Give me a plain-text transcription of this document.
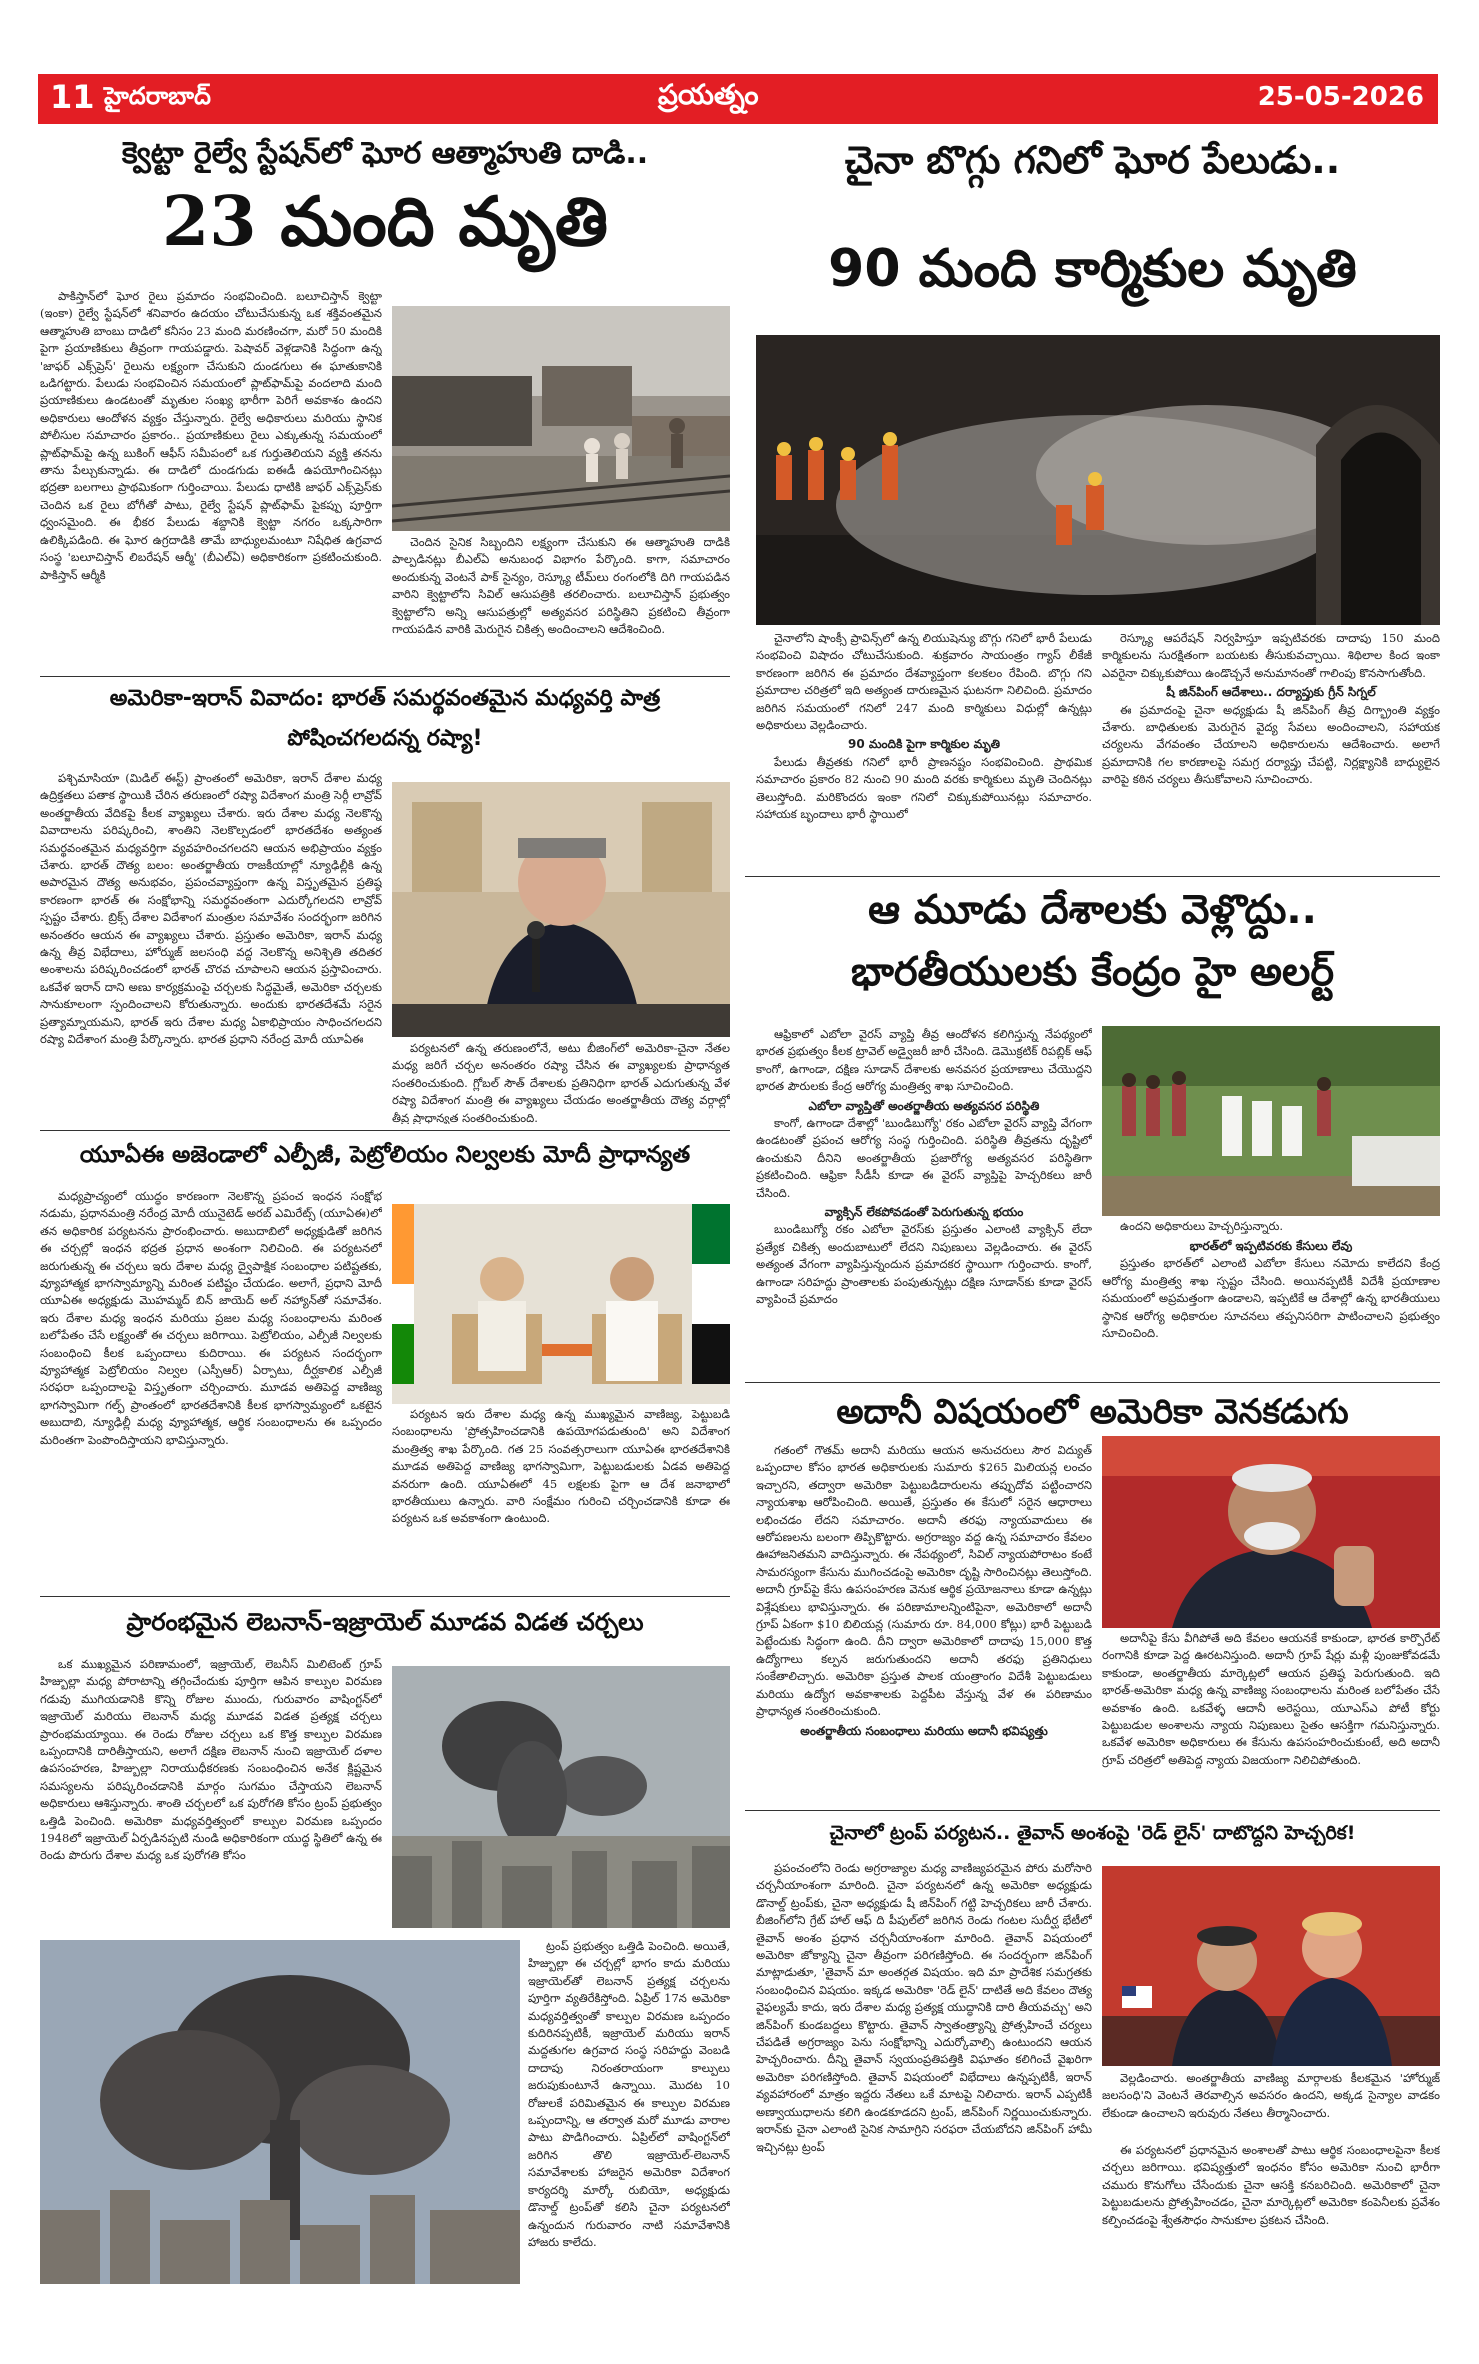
11 హైదరాబాద్	ప్రయత్నం	25-05-2026
క్వెట్టా రైల్వే స్టేషన్‌లో ఘోర ఆత్మాహుతి దాడి..
23 మంది మృతి

పాకిస్తాన్‌లో ఘోర రైలు ప్రమాదం సంభవించింది. బలూచిస్తాన్ క్వెట్టా (ఇంకా) రైల్వే స్టేషన్‌లో శనివారం ఉదయం చోటుచేసుకున్న ఒక శక్తివంతమైన ఆత్మాహుతి బాంబు దాడిలో కనీసం 23 మంది మరణించగా, మరో 50 మందికి పైగా ప్రయాణికులు తీవ్రంగా గాయపడ్డారు. పెషావర్ వెళ్లడానికి సిద్ధంగా ఉన్న 'జాఫర్ ఎక్స్‌ప్రెస్' రైలును లక్ష్యంగా చేసుకుని దుండగులు ఈ ఘాతుకానికి ఒడిగట్టారు. పేలుడు సంభవించిన సమయంలో ప్లాట్‌ఫామ్‌పై వందలాది మంది ప్రయాణికులు ఉండటంతో మృతుల సంఖ్య భారీగా పెరిగే అవకాశం ఉందని అధికారులు ఆందోళన వ్యక్తం చేస్తున్నారు. రైల్వే అధికారులు మరియు స్థానిక పోలీసుల సమాచారం ప్రకారం.. ప్రయాణికులు రైలు ఎక్కుతున్న సమయంలో ప్లాట్‌ఫామ్‌పై ఉన్న బుకింగ్ ఆఫీస్ సమీపంలో ఒక గుర్తుతెలియని వ్యక్తి తనను తాను పేల్చుకున్నాడు. ఈ దాడిలో దుండగుడు ఐఈడీ ఉపయోగించినట్లు భద్రతా బలగాలు ప్రాథమికంగా గుర్తించాయి. పేలుడు ధాటికి జాఫర్ ఎక్స్‌ప్రెస్‌కు చెందిన ఒక రైలు బోగీతో పాటు, రైల్వే స్టేషన్ ప్లాట్‌ఫామ్ పైకప్పు పూర్తిగా ధ్వంసమైంది. ఈ భీకర పేలుడు శబ్దానికి క్వెట్టా నగరం ఒక్కసారిగా ఉలిక్కిపడింది. ఈ ఘోర ఉగ్రదాడికి తామే బాధ్యులమంటూ నిషేధిత ఉగ్రవాద సంస్థ 'బలూచిస్తాన్ లిబరేషన్ ఆర్మీ' (బీఎల్ఏ) అధికారికంగా ప్రకటించుకుంది. పాకిస్తాన్ ఆర్మీకి

చెందిన సైనిక సిబ్బందిని లక్ష్యంగా చేసుకుని ఈ ఆత్మాహుతి దాడికి పాల్పడినట్లు బీఎల్ఏ అనుబంధ విభాగం పేర్కొంది. కాగా, సమాచారం అందుకున్న వెంటనే పాక్ సైన్యం, రెస్క్యూ టీమ్‌లు రంగంలోకి దిగి గాయపడిన వారిని క్వెట్టాలోని సివిల్ ఆసుపత్రికి తరలించారు. బలూచిస్తాన్ ప్రభుత్వం క్వెట్టాలోని అన్ని ఆసుపత్రుల్లో అత్యవసర పరిస్థితిని ప్రకటించి తీవ్రంగా గాయపడిన వారికి మెరుగైన చికిత్స అందించాలని ఆదేశించింది.

చైనా బొగ్గు గనిలో ఘోర పేలుడు..
90 మంది కార్మికుల మృతి

చైనాలోని షాంక్సీ ప్రావిన్స్‌లో ఉన్న లియుషెన్యు బొగ్గు గనిలో భారీ పేలుడు సంభవించి విషాదం చోటుచేసుకుంది. శుక్రవారం సాయంత్రం గ్యాస్ లీకేజీ కారణంగా జరిగిన ఈ ప్రమాదం దేశవ్యాప్తంగా కలకలం రేపింది. బొగ్గు గని ప్రమాదాల చరిత్రలో ఇది అత్యంత దారుణమైన ఘటనగా నిలిచింది. ప్రమాదం జరిగిన సమయంలో గనిలో 247 మంది కార్మికులు విధుల్లో ఉన్నట్లు అధికారులు వెల్లడించారు.

90 మందికి పైగా కార్మికుల మృతి

పేలుడు తీవ్రతకు గనిలో భారీ ప్రాణనష్టం సంభవించింది. ప్రాథమిక సమాచారం ప్రకారం 82 నుంచి 90 మంది వరకు కార్మికులు మృతి చెందినట్లు తెలుస్తోంది. మరికొందరు ఇంకా గనిలో చిక్కుకుపోయినట్లు సమాచారం. సహాయక బృందాలు భారీ స్థాయిలో

రెస్క్యూ ఆపరేషన్ నిర్వహిస్తూ ఇప్పటివరకు దాదాపు 150 మంది కార్మికులను సురక్షితంగా బయటకు తీసుకువచ్చాయి. శిథిలాల కింద ఇంకా ఎవరైనా చిక్కుకుపోయి ఉండొచ్చనే అనుమానంతో గాలింపు కొనసాగుతోంది.

షీ జిన్‌పింగ్ ఆదేశాలు.. దర్యాప్తుకు గ్రీన్ సిగ్నల్

ఈ ప్రమాదంపై చైనా అధ్యక్షుడు షీ జిన్‌పింగ్ తీవ్ర దిగ్భ్రాంతి వ్యక్తం చేశారు. బాధితులకు మెరుగైన వైద్య సేవలు అందించాలని, సహాయక చర్యలను వేగవంతం చేయాలని అధికారులను ఆదేశించారు. అలాగే ప్రమాదానికి గల కారణాలపై సమగ్ర దర్యాప్తు చేపట్టి, నిర్లక్ష్యానికి బాధ్యులైన వారిపై కఠిన చర్యలు తీసుకోవాలని సూచించారు.

అమెరికా-ఇరాన్ వివాదం: భారత్ సమర్థవంతమైన మధ్యవర్తి పాత్ర
పోషించగలదన్న రష్యా!

పశ్చిమాసియా (మిడిల్ ఈస్ట్) ప్రాంతంలో అమెరికా, ఇరాన్ దేశాల మధ్య ఉద్రిక్తతలు పతాక స్థాయికి చేరిన తరుణంలో రష్యా విదేశాంగ మంత్రి సెర్గీ లావ్రోవ్ అంతర్జాతీయ వేదికపై కీలక వ్యాఖ్యలు చేశారు. ఇరు దేశాల మధ్య నెలకొన్న వివాదాలను పరిష్కరించి, శాంతిని నెలకొల్పడంలో భారతదేశం అత్యంత సమర్థవంతమైన మధ్యవర్తిగా వ్యవహరించగలదని ఆయన అభిప్రాయం వ్యక్తం చేశారు. భారత్ దౌత్య బలం: అంతర్జాతీయ రాజకీయాల్లో న్యూఢిల్లీకి ఉన్న అపారమైన దౌత్య అనుభవం, ప్రపంచవ్యాప్తంగా ఉన్న విస్తృతమైన ప్రతిష్ఠ కారణంగా భారత్ ఈ సంక్షోభాన్ని సమర్థవంతంగా ఎదుర్కోగలదని లావ్రోవ్ స్పష్టం చేశారు. బ్రిక్స్ దేశాల విదేశాంగ మంత్రుల సమావేశం సందర్భంగా జరిగిన అనంతరం ఆయన ఈ వ్యాఖ్యలు చేశారు. ప్రస్తుతం అమెరికా, ఇరాన్ మధ్య ఉన్న తీవ్ర విభేదాలు, హోర్ముజ్ జలసంధి వద్ద నెలకొన్న అనిశ్చితి తదితర అంశాలను పరిష్కరించడంలో భారత్ చొరవ చూపాలని ఆయన ప్రస్తావించారు. ఒకవేళ ఇరాన్ దాని అణు కార్యక్రమంపై చర్చలకు సిద్ధమైతే, అమెరికా చర్చలకు సానుకూలంగా స్పందించాలని కోరుతున్నారు. అందుకు భారతదేశమే సరైన ప్రత్యామ్నాయమని, భారత్ ఇరు దేశాల మధ్య ఏకాభిప్రాయం సాధించగలదని రష్యా విదేశాంగ మంత్రి పేర్కొన్నారు. భారత ప్రధాని నరేంద్ర మోదీ యూఏఈ

పర్యటనలో ఉన్న తరుణంలోనే, అటు బీజింగ్‌లో అమెరికా-చైనా నేతల మధ్య జరిగే చర్చల అనంతరం రష్యా చేసిన ఈ వ్యాఖ్యలకు ప్రాధాన్యత సంతరించుకుంది. గ్లోబల్ సౌత్ దేశాలకు ప్రతినిధిగా భారత్ ఎదుగుతున్న వేళ రష్యా విదేశాంగ మంత్రి ఈ వ్యాఖ్యలు చేయడం అంతర్జాతీయ దౌత్య వర్గాల్లో తీవ్ర ప్రాధాన్యత సంతరించుకుంది.

యూఏఈ అజెండాలో ఎల్పీజీ, పెట్రోలియం నిల్వలకు మోదీ ప్రాధాన్యత

మధ్యప్రాచ్యంలో యుద్ధం కారణంగా నెలకొన్న ప్రపంచ ఇంధన సంక్షోభ నడుమ, ప్రధానమంత్రి నరేంద్ర మోదీ యునైటెడ్ అరబ్ ఎమిరేట్స్ (యూఏఈ)లో తన అధికారిక పర్యటనను ప్రారంభించారు. అబుదాబిలో అధ్యక్షుడితో జరిగిన ఈ చర్చల్లో ఇంధన భద్రత ప్రధాన అంశంగా నిలిచింది. ఈ పర్యటనలో జరుగుతున్న ఈ చర్చలు ఇరు దేశాల మధ్య ద్వైపాక్షిక సంబంధాల పటిష్టతకు, వ్యూహాత్మక భాగస్వామ్యాన్ని మరింత పటిష్టం చేయడం. అలాగే, ప్రధాని మోదీ యూఏఈ అధ్యక్షుడు మొహమ్మద్ బిన్ జాయెద్ అల్ నహ్యాన్‌తో సమావేశం. ఇరు దేశాల మధ్య ఇంధన మరియు ప్రజల మధ్య సంబంధాలను మరింత బలోపేతం చేసే లక్ష్యంతో ఈ చర్చలు జరిగాయి. పెట్రోలియం, ఎల్పీజీ నిల్వలకు సంబంధించి కీలక ఒప్పందాలు కుదిరాయి. ఈ పర్యటన సందర్భంగా వ్యూహాత్మక పెట్రోలియం నిల్వల (ఎస్పీఆర్) ఏర్పాటు, దీర్ఘకాలిక ఎల్పీజీ సరఫరా ఒప్పందాలపై విస్తృతంగా చర్చించారు. మూడవ అతిపెద్ద వాణిజ్య భాగస్వామిగా గల్ఫ్ ప్రాంతంలో భారతదేశానికి కీలక భాగస్వామ్యంలో ఒకటైన అబుదాబి, న్యూఢిల్లీ మధ్య వ్యూహాత్మక, ఆర్థిక సంబంధాలను ఈ ఒప్పందం మరింతగా పెంపొందిస్తాయని భావిస్తున్నారు.

పర్యటన ఇరు దేశాల మధ్య ఉన్న ముఖ్యమైన వాణిజ్య, పెట్టుబడి సంబంధాలను 'ప్రోత్సహించడానికి ఉపయోగపడుతుంది' అని విదేశాంగ మంత్రిత్వ శాఖ పేర్కొంది. గత 25 సంవత్సరాలుగా యూఏఈ భారతదేశానికి మూడవ అతిపెద్ద వాణిజ్య భాగస్వామిగా, పెట్టుబడులకు ఏడవ అతిపెద్ద వనరుగా ఉంది. యూఏఈలో 45 లక్షలకు పైగా ఆ దేశ జనాభాలో భారతీయులు ఉన్నారు. వారి సంక్షేమం గురించి చర్చించడానికి కూడా ఈ పర్యటన ఒక అవకాశంగా ఉంటుంది.

ఆ మూడు దేశాలకు వెళ్లొద్దు..
భారతీయులకు కేంద్రం హై అలర్ట్

ఆఫ్రికాలో ఎబోలా వైరస్ వ్యాప్తి తీవ్ర ఆందోళన కలిగిస్తున్న నేపథ్యంలో భారత ప్రభుత్వం కీలక ట్రావెల్ అడ్వైజరీ జారీ చేసింది. డెమొక్రటిక్ రిపబ్లిక్ ఆఫ్ కాంగో, ఉగాండా, దక్షిణ సూడాన్ దేశాలకు అనవసర ప్రయాణాలు చేయొద్దని భారత పౌరులకు కేంద్ర ఆరోగ్య మంత్రిత్వ శాఖ సూచించింది.

ఎబోలా వ్యాప్తితో అంతర్జాతీయ అత్యవసర పరిస్థితి

కాంగో, ఉగాండా దేశాల్లో 'బుండిబుగ్యో' రకం ఎబోలా వైరస్ వ్యాప్తి వేగంగా ఉండటంతో ప్రపంచ ఆరోగ్య సంస్థ గుర్తించింది. పరిస్థితి తీవ్రతను దృష్టిలో ఉంచుకుని దీనిని అంతర్జాతీయ ప్రజారోగ్య అత్యవసర పరిస్థితిగా ప్రకటించింది. ఆఫ్రికా సీడీసీ కూడా ఈ వైరస్ వ్యాప్తిపై హెచ్చరికలు జారీ చేసింది.

వ్యాక్సిన్ లేకపోవడంతో పెరుగుతున్న భయం

బుండిబుగ్యో రకం ఎబోలా వైరస్‌కు ప్రస్తుతం ఎలాంటి వ్యాక్సిన్ లేదా ప్రత్యేక చికిత్స అందుబాటులో లేదని నిపుణులు వెల్లడించారు. ఈ వైరస్ అత్యంత వేగంగా వ్యాపిస్తున్నందున ప్రమాదకర స్థాయిగా గుర్తించారు. కాంగో, ఉగాండా సరిహద్దు ప్రాంతాలకు పంపుతున్నట్లు దక్షిణ సూడాన్‌కు కూడా వైరస్ వ్యాపించే ప్రమాదం

ఉందని అధికారులు హెచ్చరిస్తున్నారు.

భారత్‌లో ఇప్పటివరకు కేసులు లేవు

ప్రస్తుతం భారత్‌లో ఎలాంటి ఎబోలా కేసులు నమోదు కాలేదని కేంద్ర ఆరోగ్య మంత్రిత్వ శాఖ స్పష్టం చేసింది. అయినప్పటికీ విదేశీ ప్రయాణాల సమయంలో అప్రమత్తంగా ఉండాలని, ఇప్పటికే ఆ దేశాల్లో ఉన్న భారతీయులు స్థానిక ఆరోగ్య అధికారుల సూచనలు తప్పనిసరిగా పాటించాలని ప్రభుత్వం సూచించింది.

ప్రారంభమైన లెబనాన్-ఇజ్రాయెల్ మూడవ విడత చర్చలు

ఒక ముఖ్యమైన పరిణామంలో, ఇజ్రాయెల్, లెబనీస్ మిలిటెంట్ గ్రూప్ హిజ్బుల్లా మధ్య పోరాటాన్ని తగ్గించేందుకు పూర్తిగా ఆపిన కాల్పుల విరమణ గడువు ముగియడానికి కొన్ని రోజుల ముందు, గురువారం వాషింగ్టన్‌లో ఇజ్రాయెల్ మరియు లెబనాన్ మధ్య మూడవ విడత ప్రత్యక్ష చర్చలు ప్రారంభమయ్యాయి. ఈ రెండు రోజుల చర్చలు ఒక కొత్త కాల్పుల విరమణ ఒప్పందానికి దారితీస్తాయని, అలాగే దక్షిణ లెబనాన్ నుంచి ఇజ్రాయెల్ దళాల ఉపసంహరణ, హిజ్బుల్లా నిరాయుధీకరణకు సంబంధించిన అనేక క్లిష్టమైన సమస్యలను పరిష్కరించడానికి మార్గం సుగమం చేస్తాయని లెబనాన్ అధికారులు ఆశిస్తున్నారు. శాంతి చర్చలలో ఒక పురోగతి కోసం ట్రంప్ ప్రభుత్వం ఒత్తిడి పెంచింది. అమెరికా మధ్యవర్తిత్వంలో కాల్పుల విరమణ ఒప్పందం 1948లో ఇజ్రాయెల్ ఏర్పడినప్పటి నుండి అధికారికంగా యుద్ధ స్థితిలో ఉన్న ఈ రెండు పొరుగు దేశాల మధ్య ఒక పురోగతి కోసం

ట్రంప్ ప్రభుత్వం ఒత్తిడి పెంచింది. అయితే, హిజ్బుల్లా ఈ చర్చల్లో భాగం కాదు మరియు ఇజ్రాయెల్‌తో లెబనాన్ ప్రత్యక్ష చర్చలను పూర్తిగా వ్యతిరేకిస్తోంది. ఏప్రిల్ 17న అమెరికా మధ్యవర్తిత్వంతో కాల్పుల విరమణ ఒప్పందం కుదిరినప్పటికీ, ఇజ్రాయెల్ మరియు ఇరాన్ మద్దతుగల ఉగ్రవాద సంస్థ సరిహద్దు వెంబడి దాదాపు నిరంతరాయంగా కాల్పులు జరుపుకుంటూనే ఉన్నాయి. మొదట 10 రోజులకే పరిమితమైన ఈ కాల్పుల విరమణ ఒప్పందాన్ని, ఆ తర్వాత మరో మూడు వారాల పాటు పొడిగించారు. ఏప్రిల్‌లో వాషింగ్టన్‌లో జరిగిన తొలి ఇజ్రాయెల్-లెబనాన్ సమావేశాలకు హాజరైన అమెరికా విదేశాంగ కార్యదర్శి మార్కో రుబియో, అధ్యక్షుడు డొనాల్డ్ ట్రంప్‌తో కలిసి చైనా పర్యటనలో ఉన్నందున గురువారం నాటి సమావేశానికి హాజరు కాలేదు.

అదానీ విషయంలో అమెరికా వెనకడుగు

గతంలో గౌతమ్ అదానీ మరియు ఆయన అనుచరులు సౌర విద్యుత్ ఒప్పందాల కోసం భారత అధికారులకు సుమారు $265 మిలియన్ల లంచం ఇచ్చారని, తద్వారా అమెరికా పెట్టుబడిదారులను తప్పుదోవ పట్టించారని న్యాయశాఖ ఆరోపించింది. అయితే, ప్రస్తుతం ఈ కేసులో సరైన ఆధారాలు లభించడం లేదని సమాచారం. అదానీ తరఫు న్యాయవాదులు ఈ ఆరోపణలను బలంగా తిప్పికొట్టారు. అగ్రరాజ్యం వద్ద ఉన్న సమాచారం కేవలం ఊహాజనితమని వాదిస్తున్నారు. ఈ నేపథ్యంలో, సివిల్ న్యాయపోరాటం కంటే సామరస్యంగా కేసును ముగించడంపై అమెరికా దృష్టి సారించినట్లు తెలుస్తోంది. అదానీ గ్రూప్‌పై కేసు ఉపసంహరణ వెనుక ఆర్థిక ప్రయోజనాలు కూడా ఉన్నట్లు విశ్లేషకులు భావిస్తున్నారు. ఈ పరిణామాలన్నింటిపైనా, అమెరికాలో అదానీ గ్రూప్ ఏకంగా $10 బిలియన్ల (సుమారు రూ. 84,000 కోట్లు) భారీ పెట్టుబడి పెట్టేందుకు సిద్ధంగా ఉంది. దీని ద్వారా అమెరికాలో దాదాపు 15,000 కొత్త ఉద్యోగాలు కల్పన జరుగుతుందని అదానీ తరఫు ప్రతినిధులు సంకేతాలిచ్చారు. అమెరికా ప్రస్తుత పాలక యంత్రాంగం విదేశీ పెట్టుబడులు మరియు ఉద్యోగ అవకాశాలకు పెద్దపీట వేస్తున్న వేళ ఈ పరిణామం ప్రాధాన్యత సంతరించుకుంది.

అంతర్జాతీయ సంబంధాలు మరియు అదానీ భవిష్యత్తు

అదానీపై కేసు వీగిపోతే అది కేవలం ఆయనకే కాకుండా, భారత కార్పొరేట్ రంగానికి కూడా పెద్ద ఊరటనిస్తుంది. అదానీ గ్రూప్ షేర్లు మళ్లీ పుంజుకోవడమే కాకుండా, అంతర్జాతీయ మార్కెట్లలో ఆయన ప్రతిష్ఠ పెరుగుతుంది. ఇది భారత్-అమెరికా మధ్య ఉన్న వాణిజ్య సంబంధాలను మరింత బలోపేతం చేసే అవకాశం ఉంది. ఒకవేళ్ళ ఆదానీ అరెస్టయి, యూఎస్ఎ పోటీ కోర్టు పెట్టుబడుల అంశాలను న్యాయ నిపుణులు సైతం ఆసక్తిగా గమనిస్తున్నారు. ఒకవేళ అమెరికా అధికారులు ఈ కేసును ఉపసంహరించుకుంటే, అది అదానీ గ్రూప్ చరిత్రలో అతిపెద్ద న్యాయ విజయంగా నిలిచిపోతుంది.

చైనాలో ట్రంప్ పర్యటన.. తైవాన్ అంశంపై 'రెడ్ లైన్' దాటొద్దని హెచ్చరిక!

ప్రపంచంలోని రెండు అగ్రరాజ్యాల మధ్య వాణిజ్యపరమైన పోరు మరోసారి చర్చనీయాంశంగా మారింది. చైనా పర్యటనలో ఉన్న అమెరికా అధ్యక్షుడు డొనాల్డ్ ట్రంప్‌కు, చైనా అధ్యక్షుడు షీ జిన్‌పింగ్ గట్టి హెచ్చరికలు జారీ చేశారు. బీజింగ్‌లోని గ్రేట్ హాల్ ఆఫ్ ది పీపుల్‌లో జరిగిన రెండు గంటల సుదీర్ఘ భేటీలో తైవాన్ అంశం ప్రధాన చర్చనీయాంశంగా మారింది. తైవాన్ విషయంలో అమెరికా జోక్యాన్ని చైనా తీవ్రంగా పరిగణిస్తోంది. ఈ సందర్భంగా జిన్‌పింగ్ మాట్లాడుతూ, 'తైవాన్ మా అంతర్గత విషయం. ఇది మా ప్రాదేశిక సమగ్రతకు సంబంధించిన విషయం. ఇక్కడ అమెరికా 'రెడ్ లైన్' దాటితే అది కేవలం దౌత్య వైఫల్యమే కాదు, ఇరు దేశాల మధ్య ప్రత్యక్ష యుద్ధానికి దారి తీయవచ్చు' అని జిన్‌పింగ్ కుండబద్దలు కొట్టారు. తైవాన్ స్వాతంత్ర్యాన్ని ప్రోత్సహించే చర్యలు చేపడితే అగ్రరాజ్యం పెను సంక్షోభాన్ని ఎదుర్కోవాల్సి ఉంటుందని ఆయన హెచ్చరించారు. దీన్ని తైవాన్ స్వయంప్రతిపత్తికి విఘాతం కలిగించే వైఖరిగా అమెరికా పరిగణిస్తోంది. తైవాన్ విషయంలో విభేదాలు ఉన్నప్పటికీ, ఇరాన్ వ్యవహారంలో మాత్రం ఇద్దరు నేతలు ఒకే మాటపై నిలిచారు. ఇరాన్ ఎప్పటికీ అణ్వాయుధాలను కలిగి ఉండకూడదని ట్రంప్, జిన్‌పింగ్ నిర్ణయించుకున్నారు. ఇరాన్‌కు చైనా ఎలాంటి సైనిక సామాగ్రిని సరఫరా చేయబోదని జిన్‌పింగ్ హామీ ఇచ్చినట్లు ట్రంప్

వెల్లడించారు. అంతర్జాతీయ వాణిజ్య మార్గాలకు కీలకమైన 'హోర్ముజ్ జలసంధి'ని వెంటనే తెరవాల్సిన అవసరం ఉందని, అక్కడ సైన్యాల వాడకం లేకుండా ఉంచాలని ఇరువురు నేతలు తీర్మానించారు.

ఈ పర్యటనలో ప్రధానమైన అంశాలతో పాటు ఆర్థిక సంబంధాలపైనా కీలక చర్చలు జరిగాయి. భవిష్యత్తులో ఇంధనం కోసం అమెరికా నుంచి భారీగా చమురు కొనుగోలు చేసేందుకు చైనా ఆసక్తి కనబరిచింది. అమెరికాలో చైనా పెట్టుబడులను ప్రోత్సహించడం, చైనా మార్కెట్లలో అమెరికా కంపెనీలకు ప్రవేశం కల్పించడంపై శ్వేతసౌధం సానుకూల ప్రకటన చేసింది.
